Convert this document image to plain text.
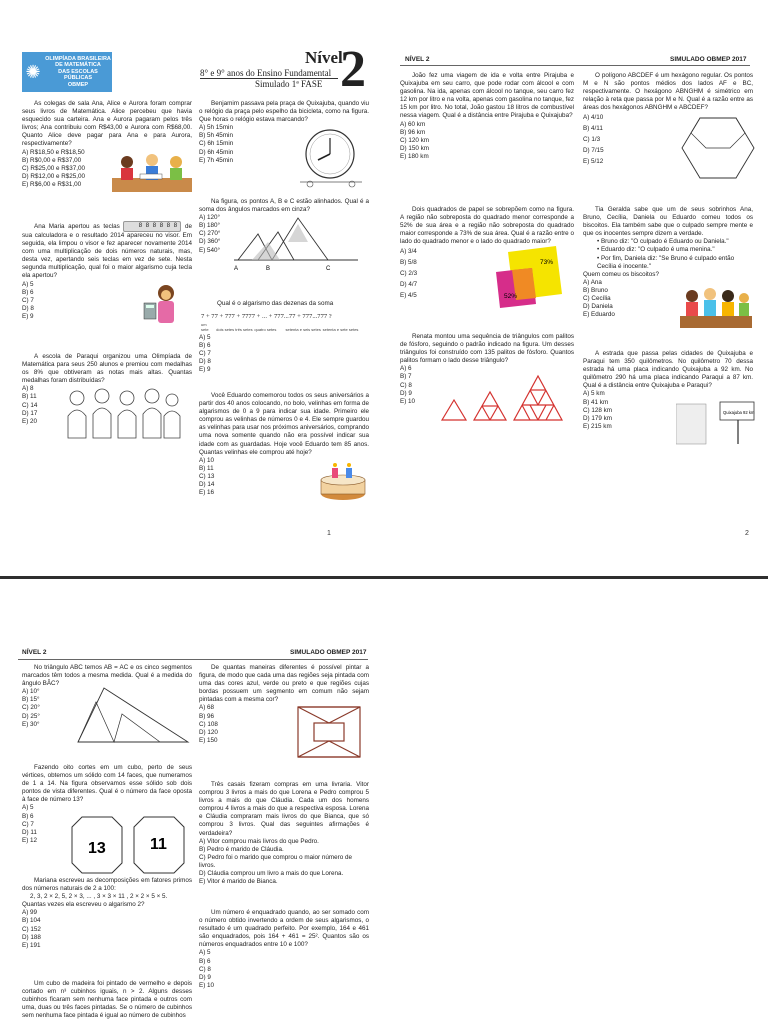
✺
OLIMPÍADA BRASILEIRA
DE MATEMÁTICA
DAS ESCOLAS PÚBLICAS
OBMEP
Nível
2
8° e 9° anos do Ensino Fundamental
Simulado 1ª FASE
NÍVEL 2	SIMULADO OBMEP 2017

As colegas de sala Ana, Alice e Aurora foram comprar seus livros de Matemática. Alice percebeu que havia esquecido sua carteira. Ana e Aurora pagaram pelos três livros; Ana contribuiu com R$43,00 e Aurora com R$68,00. Quanto Alice deve pagar para Ana e para Aurora, respectivamente?

A) R$18,50 e R$18,50
B) R$0,00 e R$37,00
C) R$25,00 e R$37,00
D) R$12,00 e R$25,00
E) R$6,00 e R$31,00

Ana Maria apertou as teclas	8 8 8 8 8 8 de sua calculadora e o resultado 2014 apareceu no visor. Em seguida, ela limpou o visor e fez aparecer novamente 2014 com uma multiplicação de dois números naturais, mas, desta vez, apertando seis teclas em vez de sete. Nesta segunda multiplicação, qual foi o maior algarismo cuja tecla ela apertou?

A) 5
B) 6
C) 7
D) 8
E) 9

A escola de Paraqui organizou uma Olimpíada de Matemática para seus 250 alunos e premiou com medalhas os 8% que obtiveram as notas mais altas. Quantas medalhas foram distribuídas?

A) 8
B) 11
C) 14
D) 17
E) 20

Benjamim passava pela praça de Quixajuba, quando viu o relógio da praça pelo espelho da bicicleta, como na figura. Que horas o relógio estava marcando?

A) 5h 15min
B) 5h 45min
C) 6h 15min
D) 6h 45min
E) 7h 45min

Na figura, os pontos A, B e C estão alinhados. Qual é a soma dos ângulos marcados em cinza?

A) 120°
B) 180°
C) 270°
D) 360°
E) 540°
A	B	C

Qual é o algarismo das dezenas da soma

7 + 77 + 777 + 7777 + ... + 777...77 + 777...777 ?
um sete dois setes três setes quatro setes setenta e seis setes setenta e sete setes
A) 5
B) 6
C) 7
D) 8
E) 9

Você Eduardo comemorou todos os seus aniversários a partir dos 40 anos colocando, no bolo, velinhas em forma de algarismos de 0 a 9 para indicar sua idade. Primeiro ele comprou as velinhas de números 0 e 4. Ele sempre guardou as velinhas para usar nos próximos aniversários, comprando uma nova somente quando não era possível indicar sua idade com as guardadas. Hoje você Eduardo tem 85 anos. Quantas velinhas ele comprou até hoje?

A) 10
B) 11
C) 13
D) 14
E) 16

João fez uma viagem de ida e volta entre Pirajuba e Quixajuba em seu carro, que pode rodar com álcool e com gasolina. Na ida, apenas com álcool no tanque, seu carro fez 12 km por litro e na volta, apenas com gasolina no tanque, fez 15 km por litro. No total, João gastou 18 litros de combustível nessa viagem. Qual é a distância entre Pirajuba e Quixajuba?

A) 60 km
B) 96 km
C) 120 km
D) 150 km
E) 180 km

Dois quadrados de papel se sobrepõem como na figura. A região não sobreposta do quadrado menor corresponde a 52% de sua área e a região não sobreposta do quadrado maior corresponde a 73% de sua área. Qual é a razão entre o lado do quadrado menor e o lado do quadrado maior?

A) 3/4
B) 5/8
C) 2/3
D) 4/7
E) 4/5
73%
52%

Renata montou uma sequência de triângulos com palitos de fósforo, seguindo o padrão indicado na figura. Um desses triângulos foi construído com 135 palitos de fósforo. Quantos palitos formam o lado desse triângulo?

A) 6
B) 7
C) 8
D) 9
E) 10

O polígono ABCDEF é um hexágono regular. Os pontos M e N são pontos médios dos lados AF e BC, respectivamente. O hexágono ABNGHM é simétrico em relação à reta que passa por M e N. Qual é a razão entre as áreas dos hexágonos ABNGHM e ABCDEF?

A) 4/10
B) 4/11
C) 1/3
D) 7/15
E) 5/12

Tia Geralda sabe que um de seus sobrinhos Ana, Bruno, Cecília, Daniela ou Eduardo comeu todos os biscoitos. Ela também sabe que o culpado sempre mente e que os inocentes sempre dizem a verdade.

• Bruno diz: "O culpado é Eduardo ou Daniela."
• Eduardo diz: "O culpado é uma menina."
• Por fim, Daniela diz: "Se Bruno é culpado então Cecília é inocente."
Quem comeu os biscoitos?
A) Ana
B) Bruno
C) Cecília
D) Daniela
E) Eduardo

A estrada que passa pelas cidades de Quixajuba e Paraqui tem 350 quilômetros. No quilômetro 70 dessa estrada há uma placa indicando Quixajuba a 92 km. No quilômetro 290 há uma placa indicando Paraqui a 87 km. Qual é a distância entre Quixajuba e Paraqui?

A) 5 km
B) 41 km
C) 128 km
D) 179 km
E) 215 km
Quixajuba 92 km
1	2
NÍVEL 2	SIMULADO OBMEP 2017

No triângulo ABC temos AB = AC e os cinco segmentos marcados têm todos a mesma medida. Qual é a medida do ângulo BÂC?

A) 10°
B) 15°
C) 20°
D) 25°
E) 30°

Fazendo oito cortes em um cubo, perto de seus vértices, obtemos um sólido com 14 faces, que numeramos de 1 a 14. Na figura observamos esse sólido sob dois pontos de vista diferentes. Qual é o número da face oposta à face de número 13?

A) 5
B) 6
C) 7
D) 11
E) 12	13	11

Mariana escreveu as decomposições em fatores primos dos números naturais de 2 a 100:

2, 3, 2 × 2, 5, 2 × 3, ... , 3 × 3 × 11 , 2 × 2 × 5 × 5.
Quantas vezes ela escreveu o algarismo 2?
A) 99
B) 104
C) 152
D) 188
E) 191

Um cubo de madeira foi pintado de vermelho e depois cortado em n³ cubinhos iguais, n > 2. Alguns desses cubinhos ficaram sem nenhuma face pintada e outros com uma, duas ou três faces pintadas. Se o número de cubinhos sem nenhuma face pintada é igual ao número de cubinhos

De quantas maneiras diferentes é possível pintar a figura, de modo que cada uma das regiões seja pintada com uma das cores azul, verde ou preto e que regiões cujas bordas possuem um segmento em comum não sejam pintadas com a mesma cor?

A) 68
B) 96
C) 108
D) 120
E) 150

Três casais fizeram compras em uma livraria. Vitor comprou 3 livros a mais do que Lorena e Pedro comprou 5 livros a mais do que Cláudia. Cada um dos homens comprou 4 livros a mais do que a respectiva esposa. Lorena e Cláudia compraram mais livros do que Bianca, que só comprou 3 livros. Qual das seguintes afirmações é verdadeira?

A) Vitor comprou mais livros do que Pedro.
B) Pedro é marido de Cláudia.
C) Pedro foi o marido que comprou o maior número de livros.
D) Cláudia comprou um livro a mais do que Lorena.
E) Vitor é marido de Bianca.

Um número é enquadrado quando, ao ser somado com o número obtido invertendo a ordem de seus algarismos, o resultado é um quadrado perfeito. Por exemplo, 164 e 461 são enquadrados, pois 164 + 461 = 25². Quantos são os números enquadrados entre 10 e 100?

A) 5
B) 6
C) 8
D) 9
E) 10
